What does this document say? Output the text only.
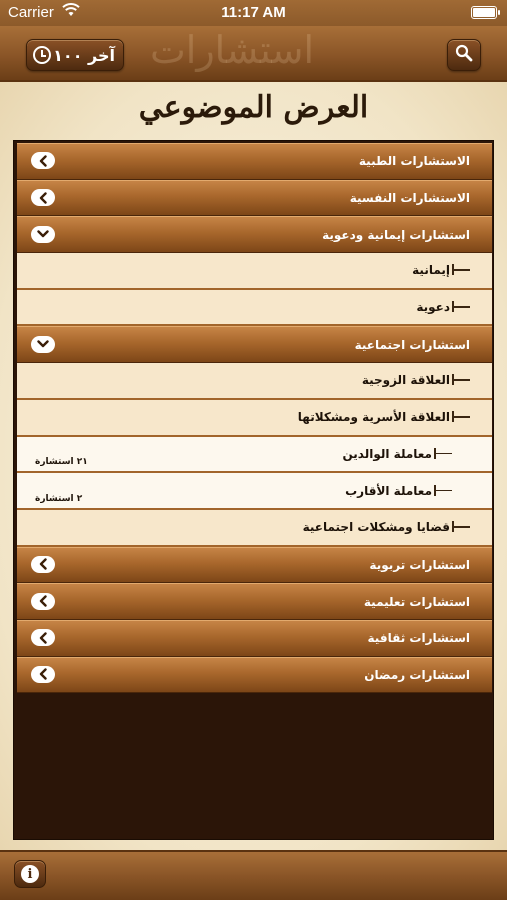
Carrier	11:17 AM
استشارات
آخر ١٠٠
العرض الموضوعي
الاستشارات الطبية
الاستشارات النفسية
استشارات إيمانية ودعوية
إيمانية
دعوية
استشارات اجتماعية
العلاقة الزوجية
العلاقة الأسرية ومشكلاتها
معاملة الوالدين
٢١ استشارة
معاملة الأقارب
٢ استشارة
قضايا ومشكلات اجتماعية
استشارات تربوية
استشارات تعليمية
استشارات ثقافية
استشارات رمضان
i
